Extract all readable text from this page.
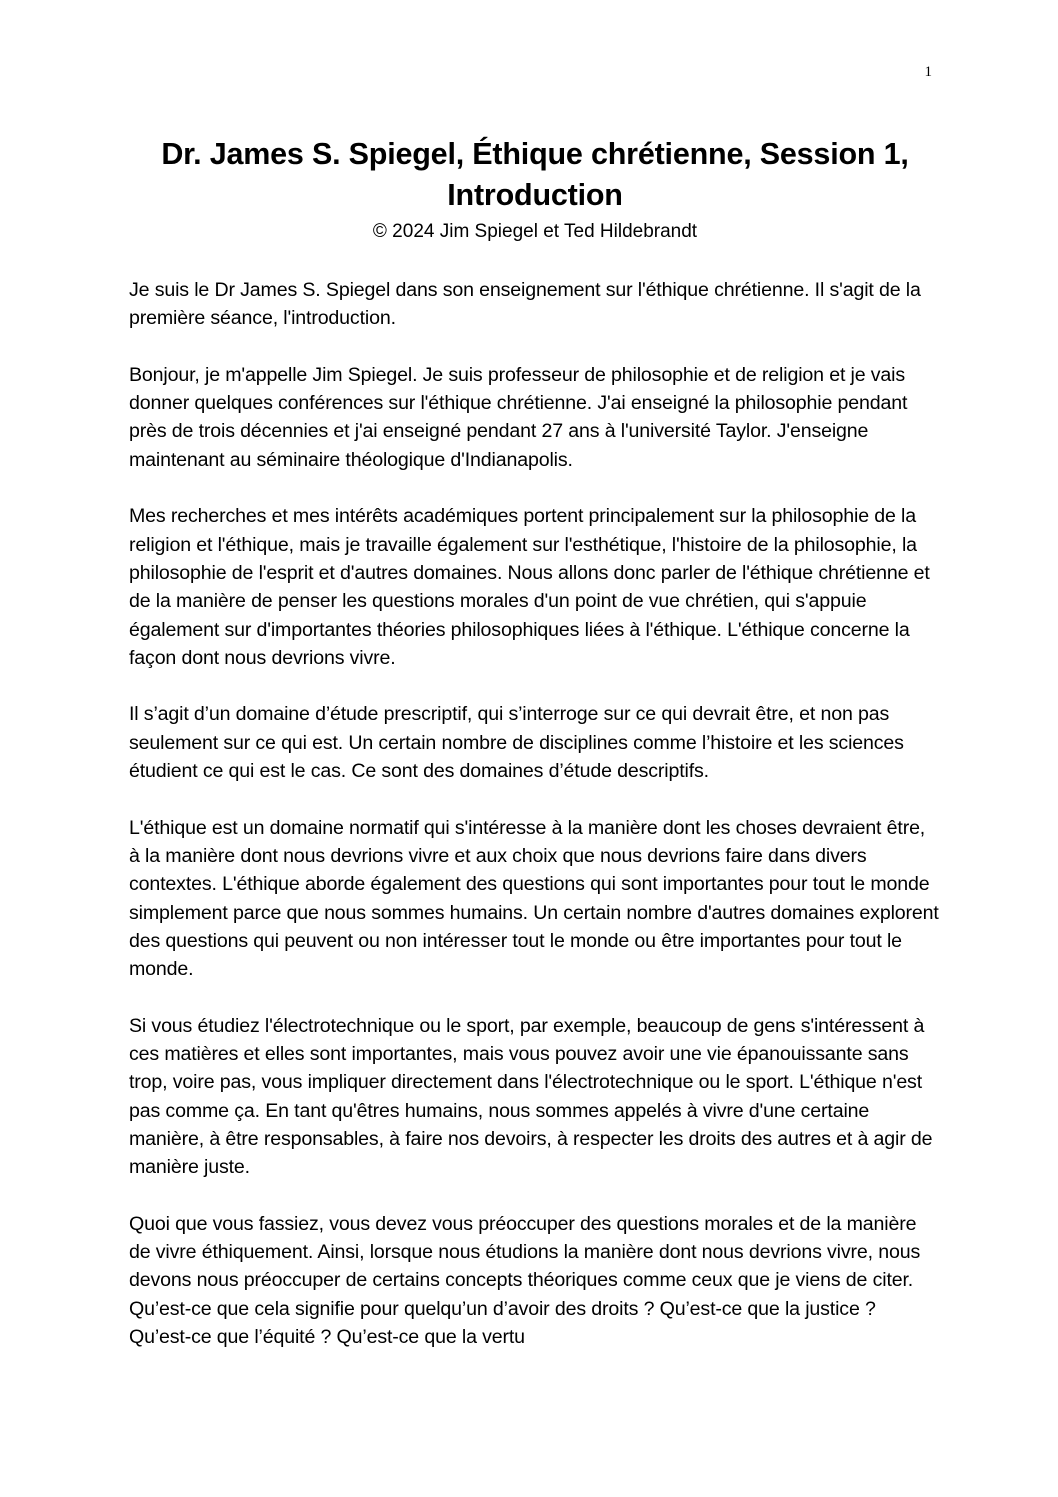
1
Dr. James S. Spiegel, Éthique chrétienne, Session 1,
Introduction

© 2024 Jim Spiegel et Ted Hildebrandt

Je suis le Dr James S. Spiegel dans son enseignement sur l'éthique chrétienne. Il s'agit de la première séance, l'introduction.

Bonjour, je m'appelle Jim Spiegel. Je suis professeur de philosophie et de religion et je vais donner quelques conférences sur l'éthique chrétienne. J'ai enseigné la philosophie pendant près de trois décennies et j'ai enseigné pendant 27 ans à l'université Taylor. J'enseigne maintenant au séminaire théologique d'Indianapolis.

Mes recherches et mes intérêts académiques portent principalement sur la philosophie de la religion et l'éthique, mais je travaille également sur l'esthétique, l'histoire de la philosophie, la philosophie de l'esprit et d'autres domaines. Nous allons donc parler de l'éthique chrétienne et de la manière de penser les questions morales d'un point de vue chrétien, qui s'appuie également sur d'importantes théories philosophiques liées à l'éthique. L'éthique concerne la façon dont nous devrions vivre.

Il s’agit d’un domaine d’étude prescriptif, qui s’interroge sur ce qui devrait être, et non pas seulement sur ce qui est. Un certain nombre de disciplines comme l’histoire et les sciences étudient ce qui est le cas. Ce sont des domaines d’étude descriptifs.

L'éthique est un domaine normatif qui s'intéresse à la manière dont les choses devraient être, à la manière dont nous devrions vivre et aux choix que nous devrions faire dans divers contextes. L'éthique aborde également des questions qui sont importantes pour tout le monde simplement parce que nous sommes humains. Un certain nombre d'autres domaines explorent des questions qui peuvent ou non intéresser tout le monde ou être importantes pour tout le monde.

Si vous étudiez l'électrotechnique ou le sport, par exemple, beaucoup de gens s'intéressent à ces matières et elles sont importantes, mais vous pouvez avoir une vie épanouissante sans trop, voire pas, vous impliquer directement dans l'électrotechnique ou le sport. L'éthique n'est pas comme ça. En tant qu'êtres humains, nous sommes appelés à vivre d'une certaine manière, à être responsables, à faire nos devoirs, à respecter les droits des autres et à agir de manière juste.

Quoi que vous fassiez, vous devez vous préoccuper des questions morales et de la manière de vivre éthiquement. Ainsi, lorsque nous étudions la manière dont nous devrions vivre, nous devons nous préoccuper de certains concepts théoriques comme ceux que je viens de citer. Qu’est-ce que cela signifie pour quelqu’un d’avoir des droits ? Qu’est-ce que la justice ? Qu’est-ce que l’équité ? Qu’est-ce que la vertu
